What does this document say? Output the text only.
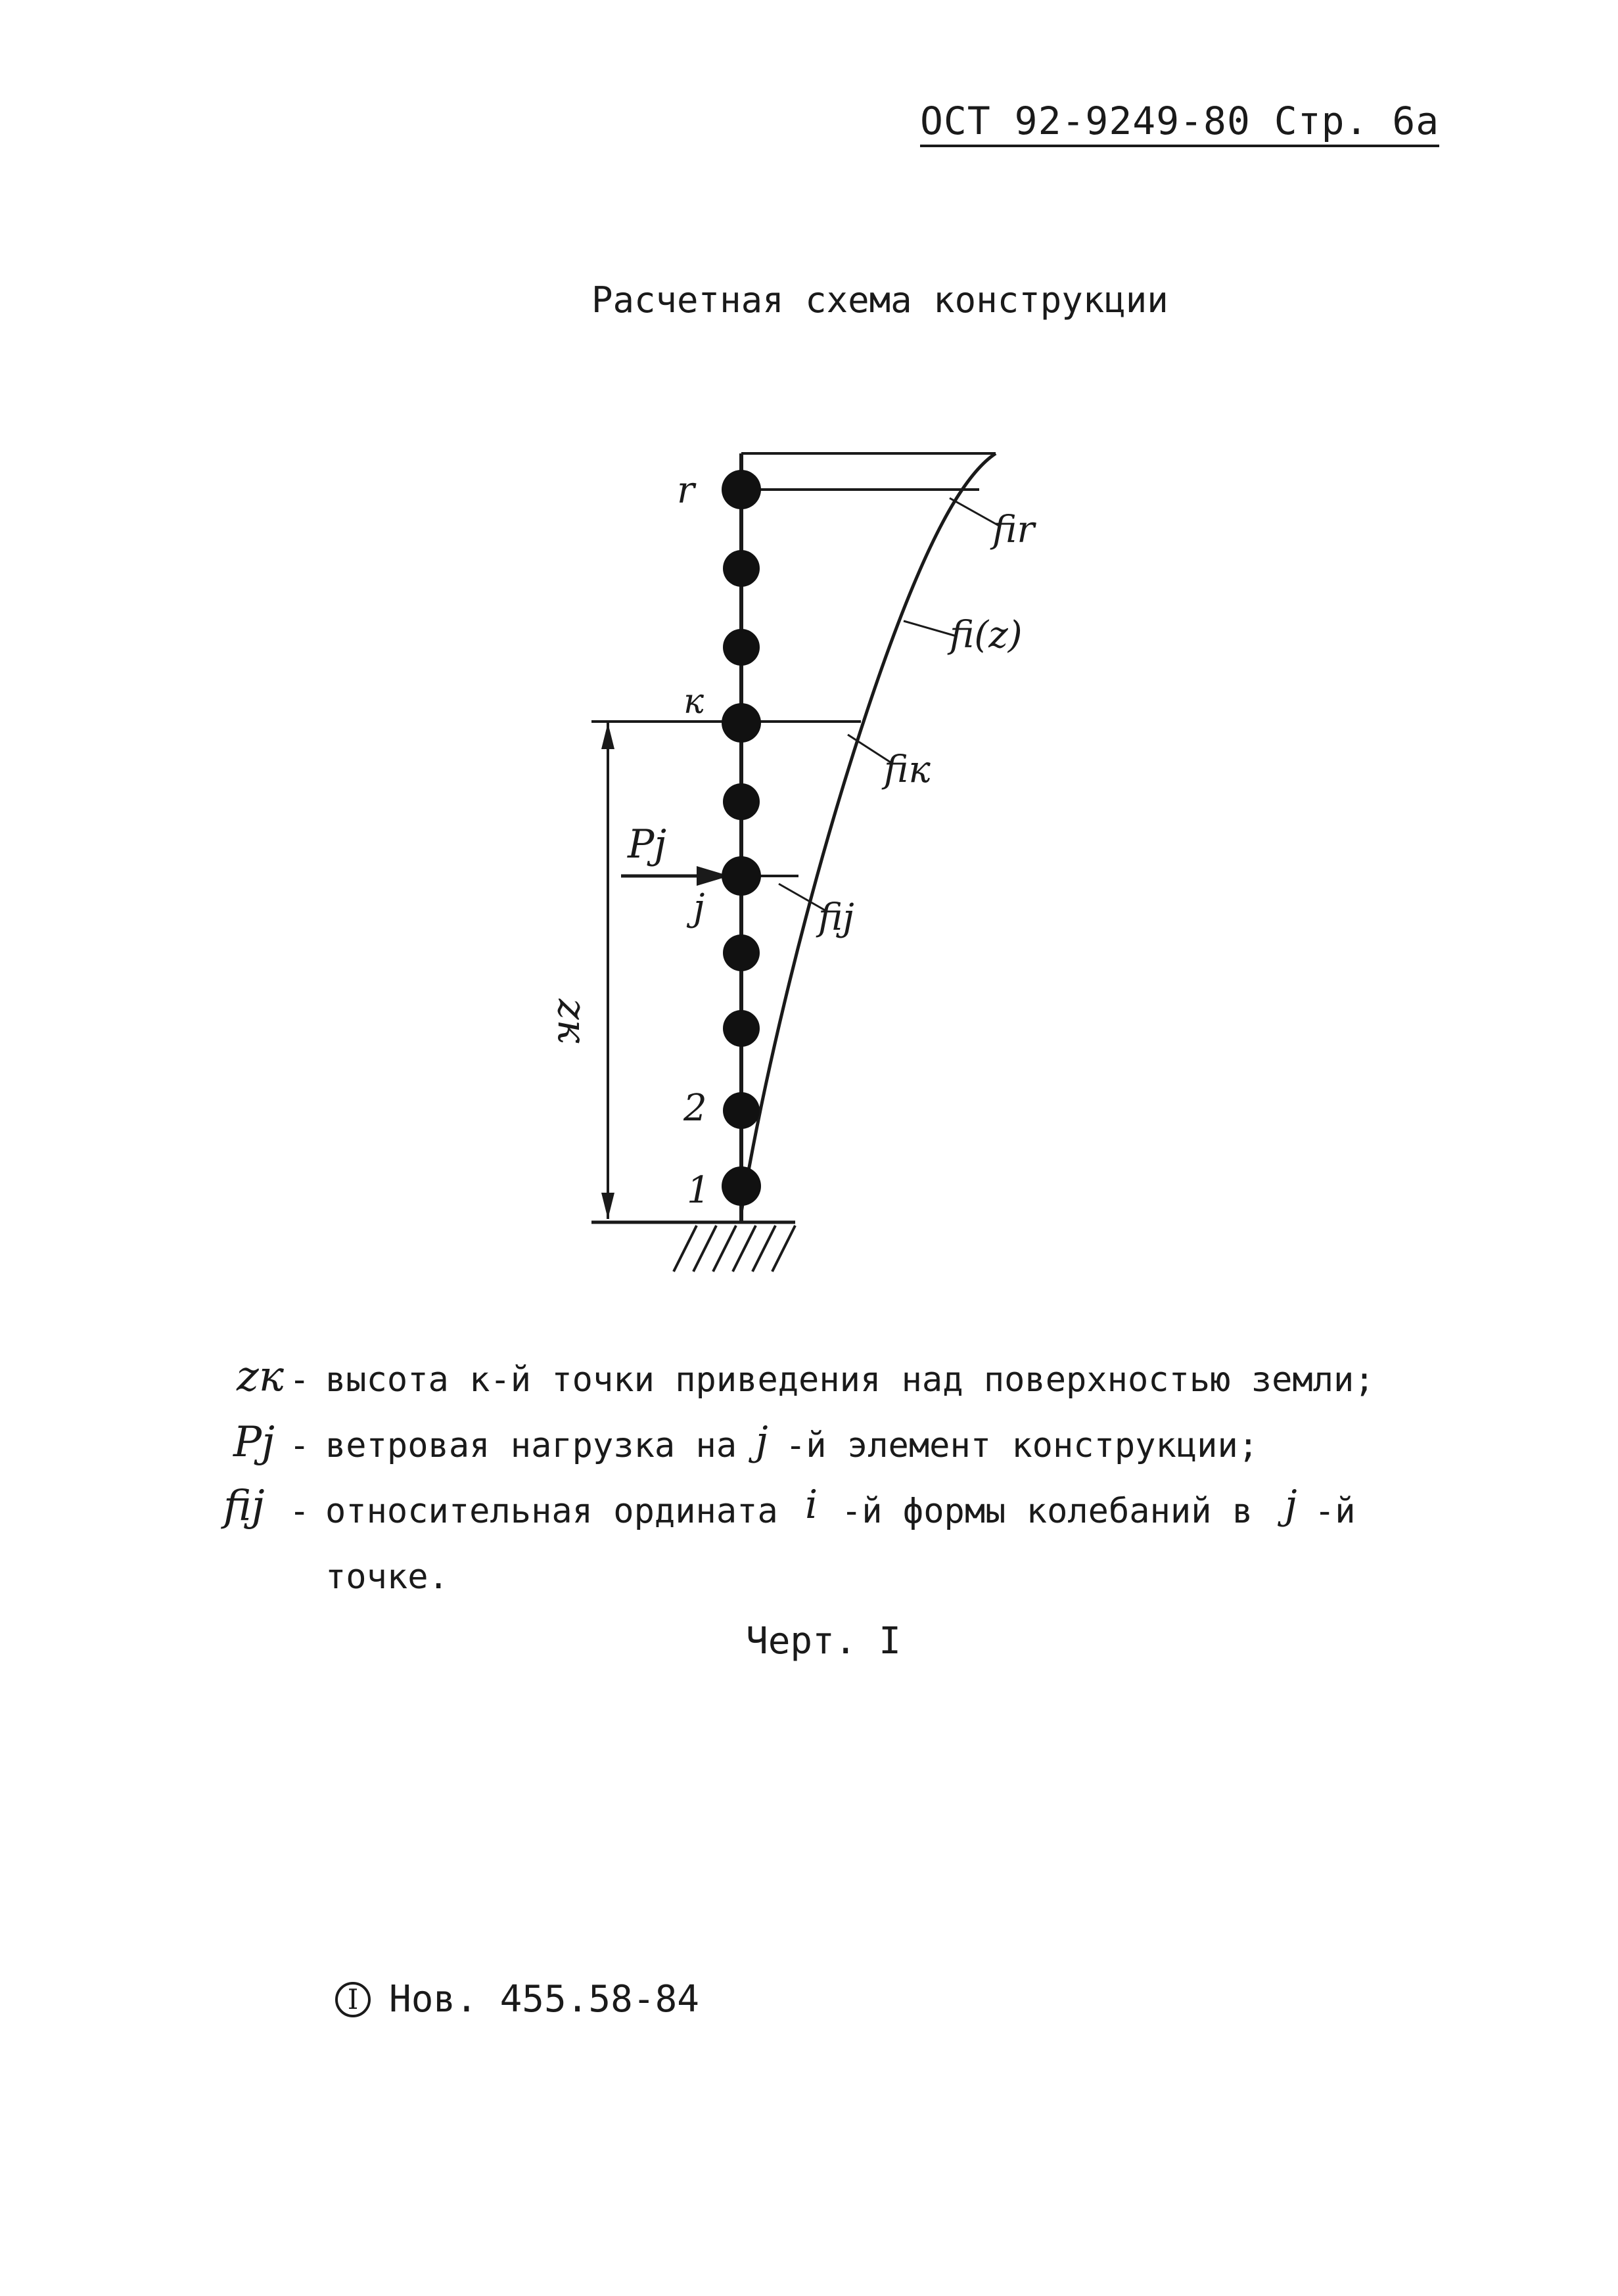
ОСТ 92-9249-80 Стр. 6а
Расчетная схема конструкции
r
к
j
2
1
Pj
zк
fir
fi(z)
fiк
fij
zк - высота к-й точки приведения над поверхностью земли;
Pj - ветровая нагрузка на j -й элемент конструкции;
fij - относительная ордината i -й формы колебаний в j -й
точке.
Черт. I
I Нов. 455.58-84
